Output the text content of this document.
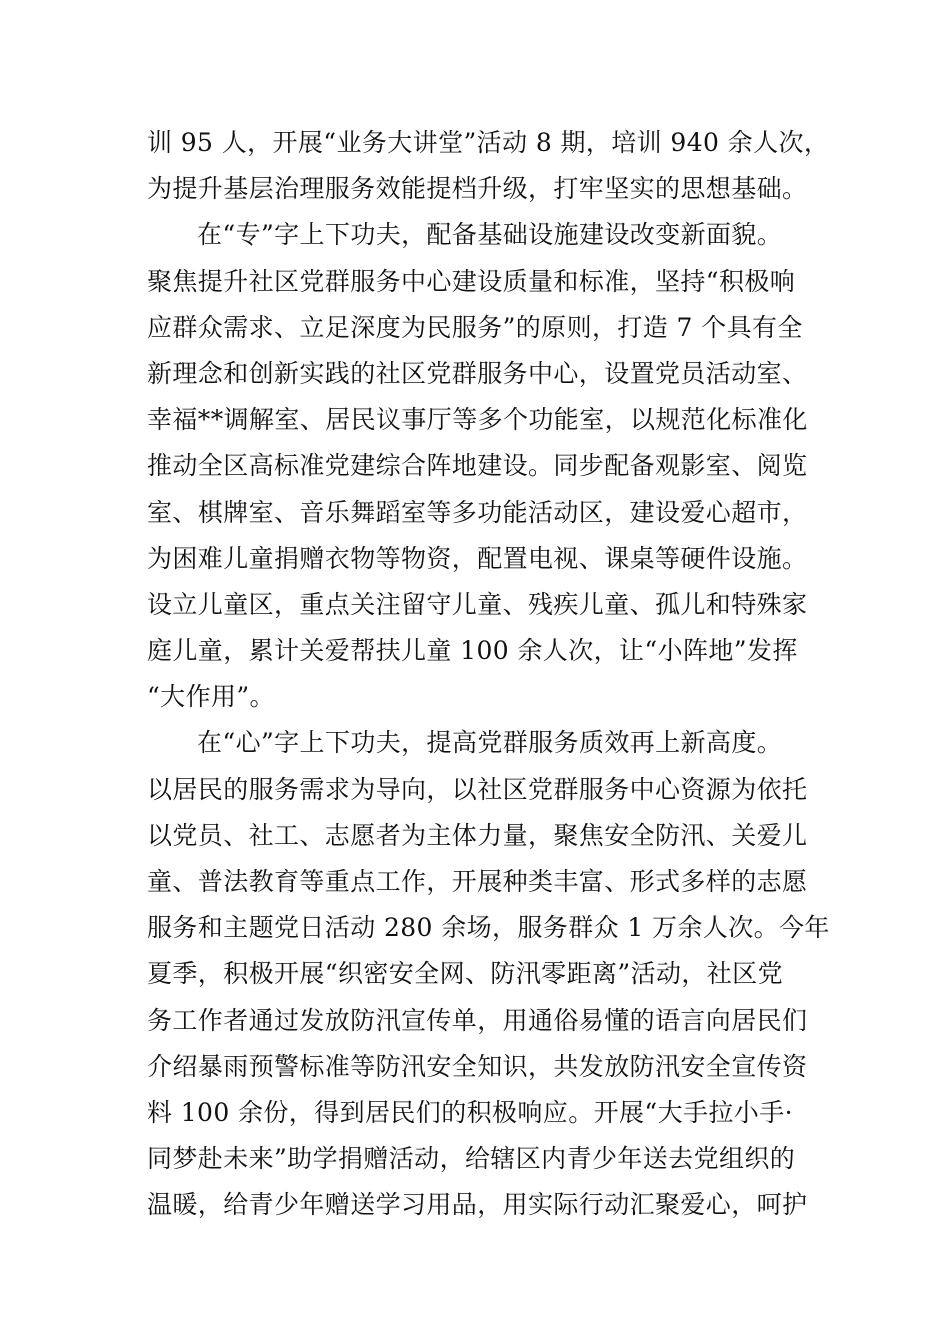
训 95 人，开展“业务大讲堂”活动 8 期，培训 940 余人次，
为提升基层治理服务效能提档升级，打牢坚实的思想基础。
在“专”字上下功夫，配备基础设施建设改变新面貌。
聚焦提升社区党群服务中心建设质量和标准，坚持“积极响
应群众需求、立足深度为民服务”的原则，打造 7 个具有全
新理念和创新实践的社区党群服务中心，设置党员活动室、
幸福**调解室、居民议事厅等多个功能室，以规范化标准化
推动全区高标准党建综合阵地建设。同步配备观影室、阅览
室、棋牌室、音乐舞蹈室等多功能活动区，建设爱心超市，
为困难儿童捐赠衣物等物资，配置电视、课桌等硬件设施。
设立儿童区，重点关注留守儿童、残疾儿童、孤儿和特殊家
庭儿童，累计关爱帮扶儿童 100 余人次，让“小阵地”发挥
“大作用”。
在“心”字上下功夫，提高党群服务质效再上新高度。
以居民的服务需求为导向，以社区党群服务中心资源为依托
以党员、社工、志愿者为主体力量，聚焦安全防汛、关爱儿
童、普法教育等重点工作，开展种类丰富、形式多样的志愿
服务和主题党日活动 280 余场，服务群众 1 万余人次。今年
夏季，积极开展“织密安全网、防汛零距离”活动，社区党
务工作者通过发放防汛宣传单，用通俗易懂的语言向居民们
介绍暴雨预警标准等防汛安全知识，共发放防汛安全宣传资
料 100 余份，得到居民们的积极响应。开展“大手拉小手·
同梦赴未来”助学捐赠活动，给辖区内青少年送去党组织的
温暖，给青少年赠送学习用品，用实际行动汇聚爱心，呵护
